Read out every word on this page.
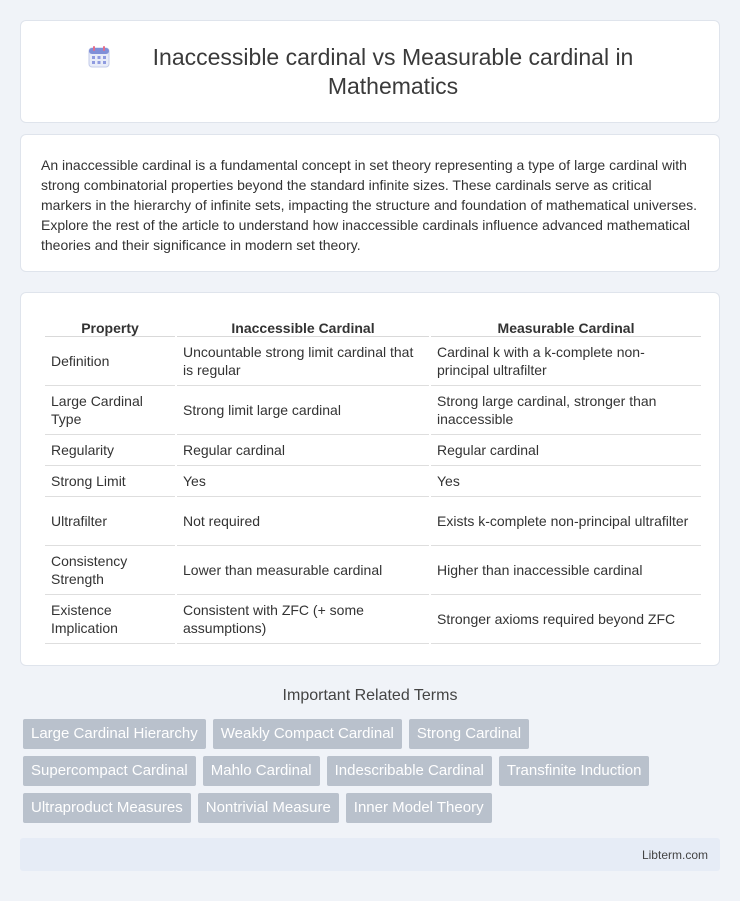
Inaccessible cardinal vs Measurable cardinal in Mathematics

An inaccessible cardinal is a fundamental concept in set theory representing a type of large cardinal with strong combinatorial properties beyond the standard infinite sizes. These cardinals serve as critical markers in the hierarchy of infinite sets, impacting the structure and foundation of mathematical universes. Explore the rest of the article to understand how inaccessible cardinals influence advanced mathematical theories and their significance in modern set theory.

Property	Inaccessible Cardinal	Measurable Cardinal
Definition	Uncountable strong limit cardinal that is regular	Cardinal k with a k-complete non-principal ultrafilter
Large Cardinal Type	Strong limit large cardinal	Strong large cardinal, stronger than inaccessible
Regularity	Regular cardinal	Regular cardinal
Strong Limit	Yes	Yes
Ultrafilter	Not required	Exists k-complete non-principal ultrafilter
Consistency Strength	Lower than measurable cardinal	Higher than inaccessible cardinal
Existence Implication	Consistent with ZFC (+ some assumptions)	Stronger axioms required beyond ZFC
Important Related Terms
Large Cardinal Hierarchy	Weakly Compact Cardinal	Strong Cardinal
Supercompact Cardinal	Mahlo Cardinal	Indescribable Cardinal	Transfinite Induction
Ultraproduct Measures	Nontrivial Measure	Inner Model Theory
Libterm.com
